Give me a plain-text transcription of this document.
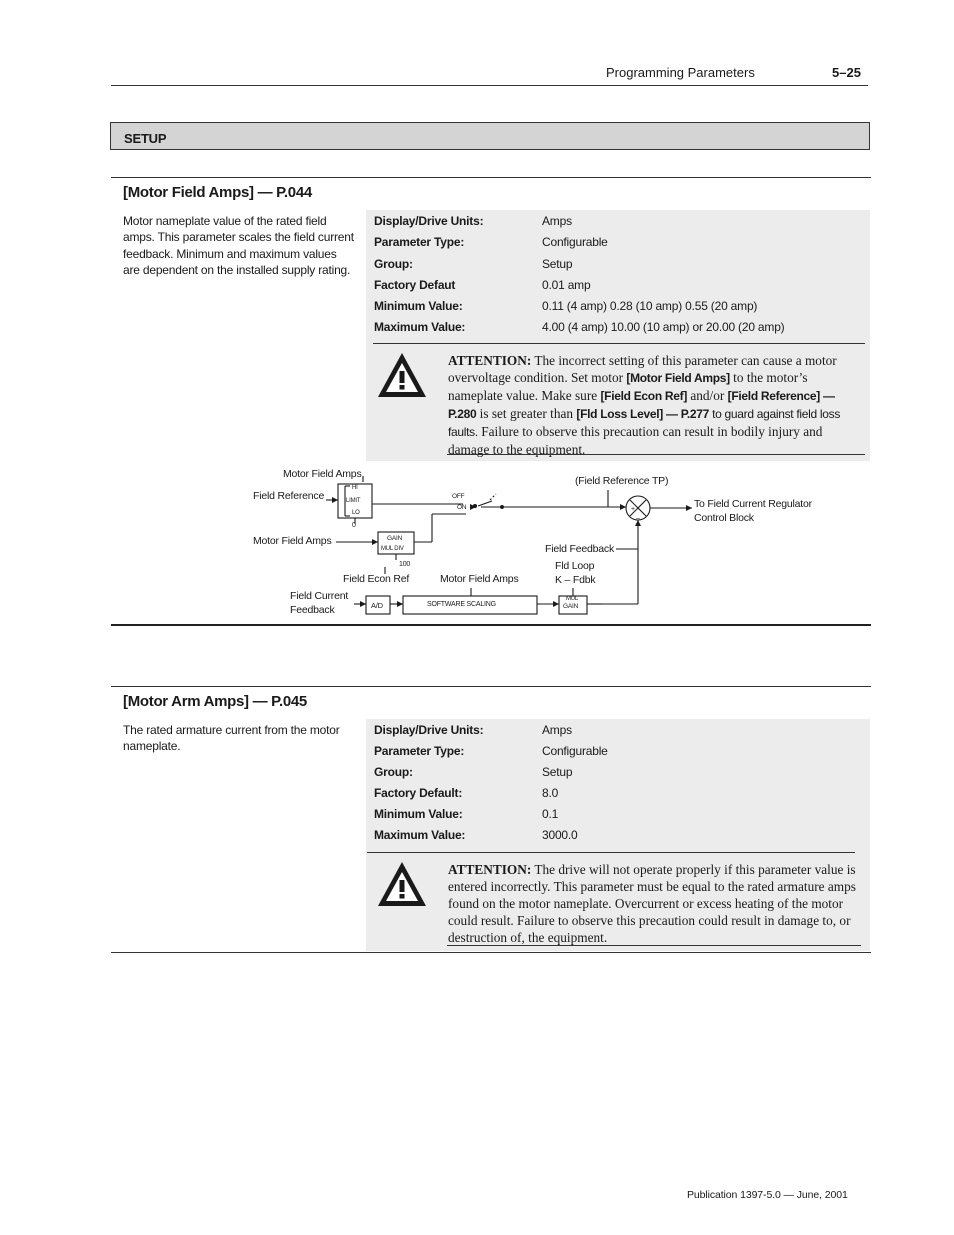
Programming Parameters	5–25
SETUP
[Motor Field Amps] — P.044
Motor nameplate value of the rated field
amps. This parameter scales the field current
feedback. Minimum and maximum values
are dependent on the installed supply rating.
Display/Drive Units:	Amps
Parameter Type:	Configurable
Group:	Setup
Factory Defaut	0.01 amp
Minimum Value:	0.11 (4 amp) 0.28 (10 amp) 0.55 (20 amp)
Maximum Value:	4.00 (4 amp) 10.00 (10 amp) or 20.00 (20 amp)
ATTENTION: The incorrect setting of this parameter can cause a motor overvoltage condition. Set motor [Motor Field Amps] to the motor’s nameplate value. Make sure [Field Econ Ref] and/or [Field Reference] — P.280 is set greater than [Fld Loss Level] — P.277 to guard against field loss faults. Failure to observe this precaution can result in bodily injury and damage to the equipment.
+
–
Motor Field Amps
Field Reference
Motor Field Amps
HI
LIMIT
LO
0
GAIN
MUL DIV
100
OFF
ON
(Field Reference TP)
To Field Current Regulator
Control Block
Field Feedback
Fld Loop
K – Fdbk
Field Econ Ref	Motor Field Amps
Field Current
Feedback	A/D	SOFTWARE SCALING
MUL
GAIN
[Motor Arm Amps] — P.045
The rated armature current from the motor
nameplate.
Display/Drive Units:	Amps
Parameter Type:	Configurable
Group:	Setup
Factory Default:	8.0
Minimum Value:	0.1
Maximum Value:	3000.0
ATTENTION: The drive will not operate properly if this parameter value is entered incorrectly. This parameter must be equal to the rated armature amps found on the motor nameplate. Overcurrent or excess heating of the motor could result. Failure to observe this precaution could result in damage to, or destruction of, the equipment.
Publication 1397-5.0 — June, 2001
